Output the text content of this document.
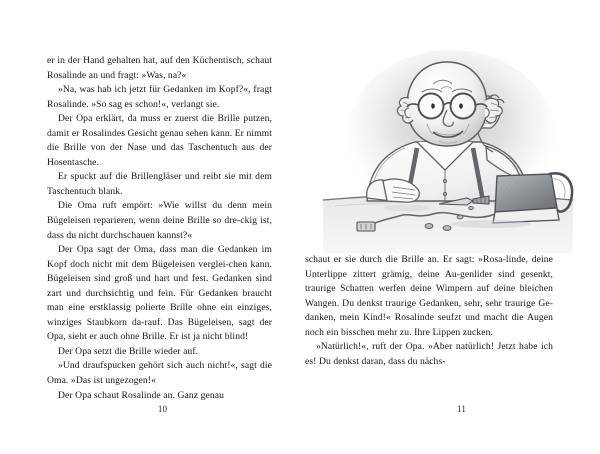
er in der Hand gehalten hat, auf den Küchentisch, schaut Rosalinde an und fragt: »Was, na?«

»Na, was hab ich jetzt für Gedanken im Kopf?«, fragt Rosalinde. »So sag es schon!«, verlangt sie.

Der Opa erklärt, da muss er zuerst die Brille putzen, damit er Rosalindes Gesicht genau sehen kann. Er nimmt die Brille von der Nase und das Taschentuch aus der Hosentasche.

Er spuckt auf die Brillengläser und reibt sie mit dem Taschentuch blank.

Die Oma ruft empört: »Wie willst du denn mein Bügeleisen reparieren, wenn deine Brille so dre-ckig ist, dass du nicht durchschauen kannst?«

Der Opa sagt der Oma, dass man die Gedanken im Kopf doch nicht mit dem Bügeleisen verglei-chen kann. Bügeleisen sind groß und hart und fest. Gedanken sind zart und durchsichtig und fein. Für Gedanken braucht man eine erstklassig polierte Brille ohne ein einziges, winziges Staubkorn da-rauf. Das Bügeleisen, sagt der Opa, sieht er auch ohne Brille. Er ist ja nicht blind!

Der Opa setzt die Brille wieder auf.

»Und draufspucken gehört sich auch nicht!«, sagt die Oma. »Das ist ungezogen!«

Der Opa schaut Rosalinde an. Ganz genau

10

schaut er sie durch die Brille an. Er sagt: »Rosa-linde, deine Unterlippe zittert grämig, deine Au-genlider sind gesenkt, traurige Schatten werfen deine Wimpern auf deine bleichen Wangen. Du denkst traurige Gedanken, sehr, sehr traurige Ge-danken, mein Kind!« Rosalinde seufzt und macht die Augen noch ein bisschen mehr zu. Ihre Lippen zucken.

»Natürlich!«, ruft der Opa. »Aber natürlich! Jetzt habe ich es! Du denkst daran, dass du nächs-

11
